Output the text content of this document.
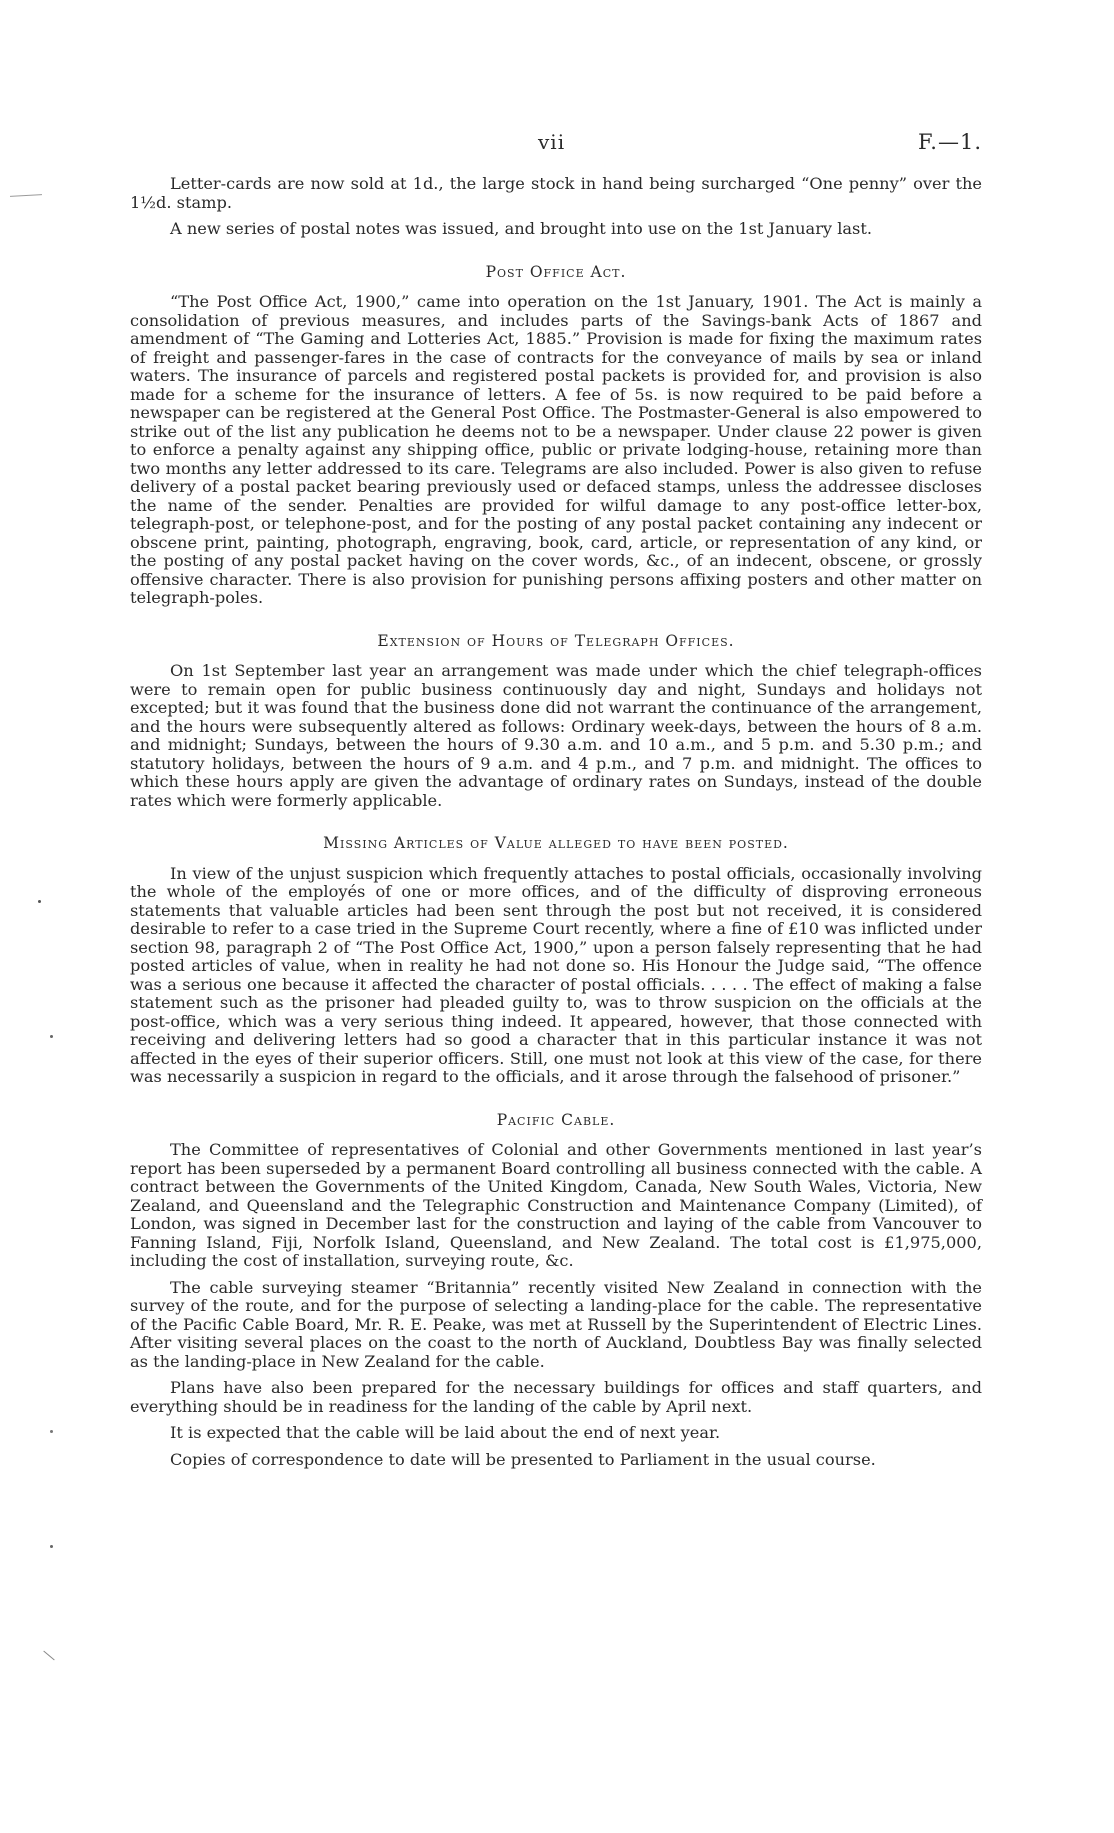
vii	F.—1.

Letter-cards are now sold at 1d., the large stock in hand being surcharged “One penny” over the 1½d. stamp.

A new series of postal notes was issued, and brought into use on the 1st January last.

Post Office Act.

“The Post Office Act, 1900,” came into operation on the 1st January, 1901. The Act is mainly a consolidation of previous measures, and includes parts of the Savings-bank Acts of 1867 and amendment of “The Gaming and Lotteries Act, 1885.” Provision is made for fixing the maximum rates of freight and passenger-fares in the case of contracts for the conveyance of mails by sea or inland waters. The insurance of parcels and registered postal packets is provided for, and provision is also made for a scheme for the insurance of letters. A fee of 5s. is now required to be paid before a newspaper can be registered at the General Post Office. The Postmaster-General is also empowered to strike out of the list any publication he deems not to be a newspaper. Under clause 22 power is given to enforce a penalty against any shipping office, public or private lodging-house, retaining more than two months any letter addressed to its care. Telegrams are also included. Power is also given to refuse delivery of a postal packet bearing previously used or defaced stamps, unless the addressee discloses the name of the sender. Penalties are provided for wilful damage to any post-office letter-box, telegraph-post, or telephone-post, and for the posting of any postal packet containing any indecent or obscene print, painting, photograph, engraving, book, card, article, or representation of any kind, or the posting of any postal packet having on the cover words, &c., of an indecent, obscene, or grossly offensive character. There is also provision for punishing persons affixing posters and other matter on telegraph-poles.

Extension of Hours of Telegraph Offices.

On 1st September last year an arrangement was made under which the chief telegraph-offices were to remain open for public business continuously day and night, Sundays and holidays not excepted; but it was found that the business done did not warrant the continuance of the arrangement, and the hours were subsequently altered as follows: Ordinary week-days, between the hours of 8 a.m. and midnight; Sundays, between the hours of 9.30 a.m. and 10 a.m., and 5 p.m. and 5.30 p.m.; and statutory holidays, between the hours of 9 a.m. and 4 p.m., and 7 p.m. and midnight. The offices to which these hours apply are given the advantage of ordinary rates on Sundays, instead of the double rates which were formerly applicable.

Missing Articles of Value alleged to have been posted.

In view of the unjust suspicion which frequently attaches to postal officials, occasionally involving the whole of the employés of one or more offices, and of the difficulty of disproving erroneous statements that valuable articles had been sent through the post but not received, it is considered desirable to refer to a case tried in the Supreme Court recently, where a fine of £10 was inflicted under section 98, paragraph 2 of “The Post Office Act, 1900,” upon a person falsely representing that he had posted articles of value, when in reality he had not done so. His Honour the Judge said, “The offence was a serious one because it affected the character of postal officials. . . . . The effect of making a false statement such as the prisoner had pleaded guilty to, was to throw suspicion on the officials at the post-office, which was a very serious thing indeed. It appeared, however, that those connected with receiving and delivering letters had so good a character that in this particular instance it was not affected in the eyes of their superior officers. Still, one must not look at this view of the case, for there was necessarily a suspicion in regard to the officials, and it arose through the falsehood of prisoner.”

Pacific Cable.

The Committee of representatives of Colonial and other Governments mentioned in last year’s report has been superseded by a permanent Board controlling all business connected with the cable. A contract between the Governments of the United Kingdom, Canada, New South Wales, Victoria, New Zealand, and Queensland and the Telegraphic Construction and Maintenance Company (Limited), of London, was signed in December last for the construction and laying of the cable from Vancouver to Fanning Island, Fiji, Norfolk Island, Queensland, and New Zealand. The total cost is £1,975,000, including the cost of installation, surveying route, &c.

The cable surveying steamer “Britannia” recently visited New Zealand in connection with the survey of the route, and for the purpose of selecting a landing-place for the cable. The representative of the Pacific Cable Board, Mr. R. E. Peake, was met at Russell by the Superintendent of Electric Lines. After visiting several places on the coast to the north of Auckland, Doubtless Bay was finally selected as the landing-place in New Zealand for the cable.

Plans have also been prepared for the necessary buildings for offices and staff quarters, and everything should be in readiness for the landing of the cable by April next.

It is expected that the cable will be laid about the end of next year.

Copies of correspondence to date will be presented to Parliament in the usual course.
